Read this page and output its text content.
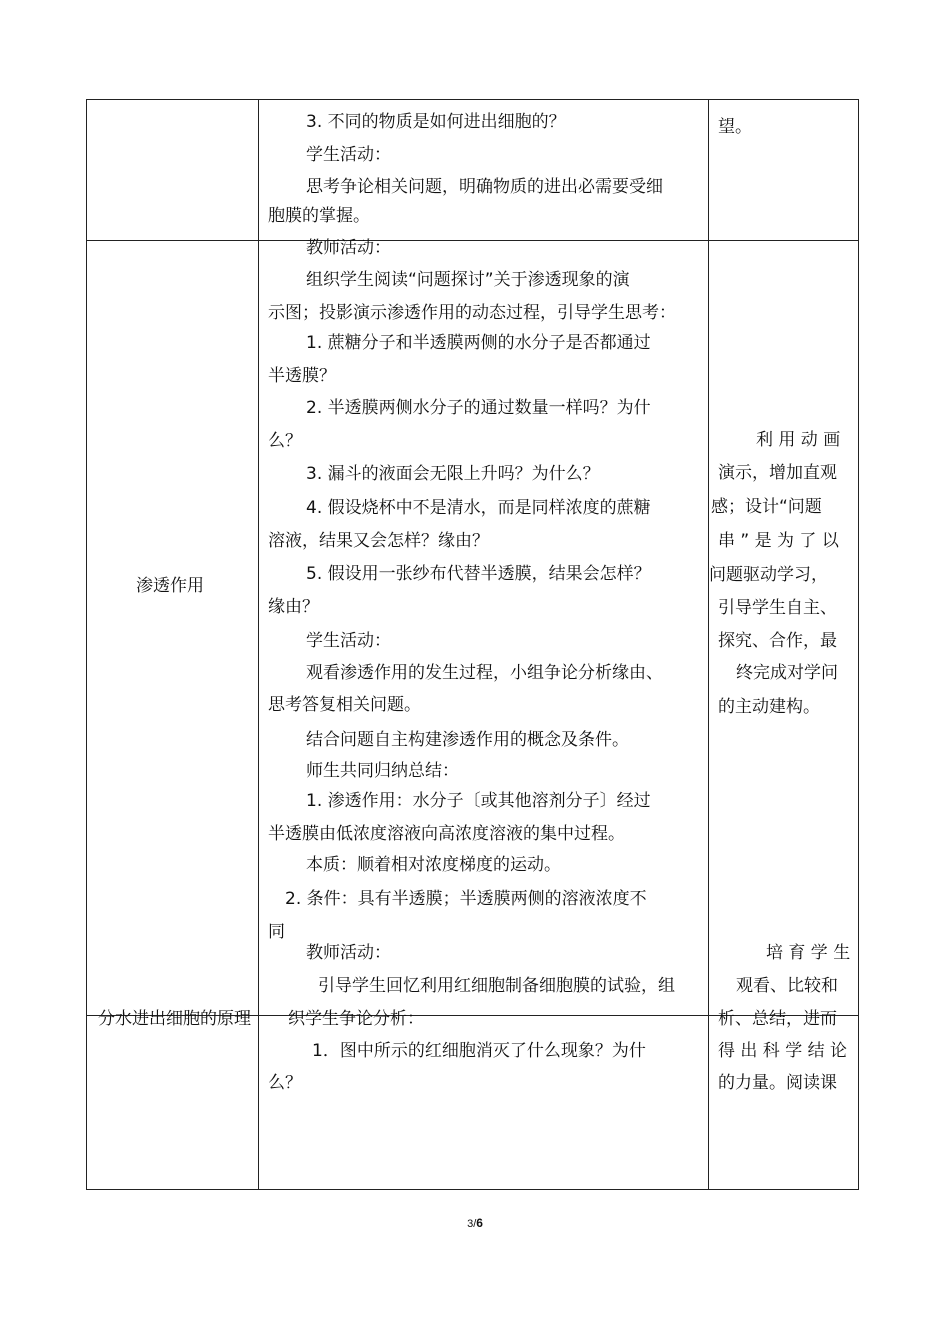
3. 不同的物质是如何进出细胞的？
学生活动：
思考争论相关问题，明确物质的进出必需要受细
胞膜的掌握。
望。
渗透作用
教师活动：
组织学生阅读“问题探讨”关于渗透现象的演
示图；投影演示渗透作用的动态过程，引导学生思考：
1. 蔗糖分子和半透膜两侧的水分子是否都通过
半透膜？
2. 半透膜两侧水分子的通过数量一样吗？为什
么？
3. 漏斗的液面会无限上升吗？为什么？
4. 假设烧杯中不是清水，而是同样浓度的蔗糖
溶液，结果又会怎样？缘由？
5. 假设用一张纱布代替半透膜，结果会怎样？
缘由？
学生活动：
观看渗透作用的发生过程，小组争论分析缘由、
思考答复相关问题。
结合问题自主构建渗透作用的概念及条件。
师生共同归纳总结：
1. 渗透作用：水分子〔或其他溶剂分子〕经过
半透膜由低浓度溶液向高浓度溶液的集中过程。
本质：顺着相对浓度梯度的运动。
2. 条件：具有半透膜；半透膜两侧的溶液浓度不
同
利 用 动 画
演示，增加直观
感；设计“问题
串 ” 是 为 了 以
问题驱动学习，
引导学生自主、
探究、合作，最
终完成对学问
的主动建构。
分水进出细胞的原理
教师活动：
引导学生回忆利用红细胞制备细胞膜的试验，组
织学生争论分析：
1．图中所示的红细胞消灭了什么现象？为什
么？
培 育 学 生
观看、比较和
析、总结，进而
得 出 科 学 结 论
的力量。阅读课
3/6
